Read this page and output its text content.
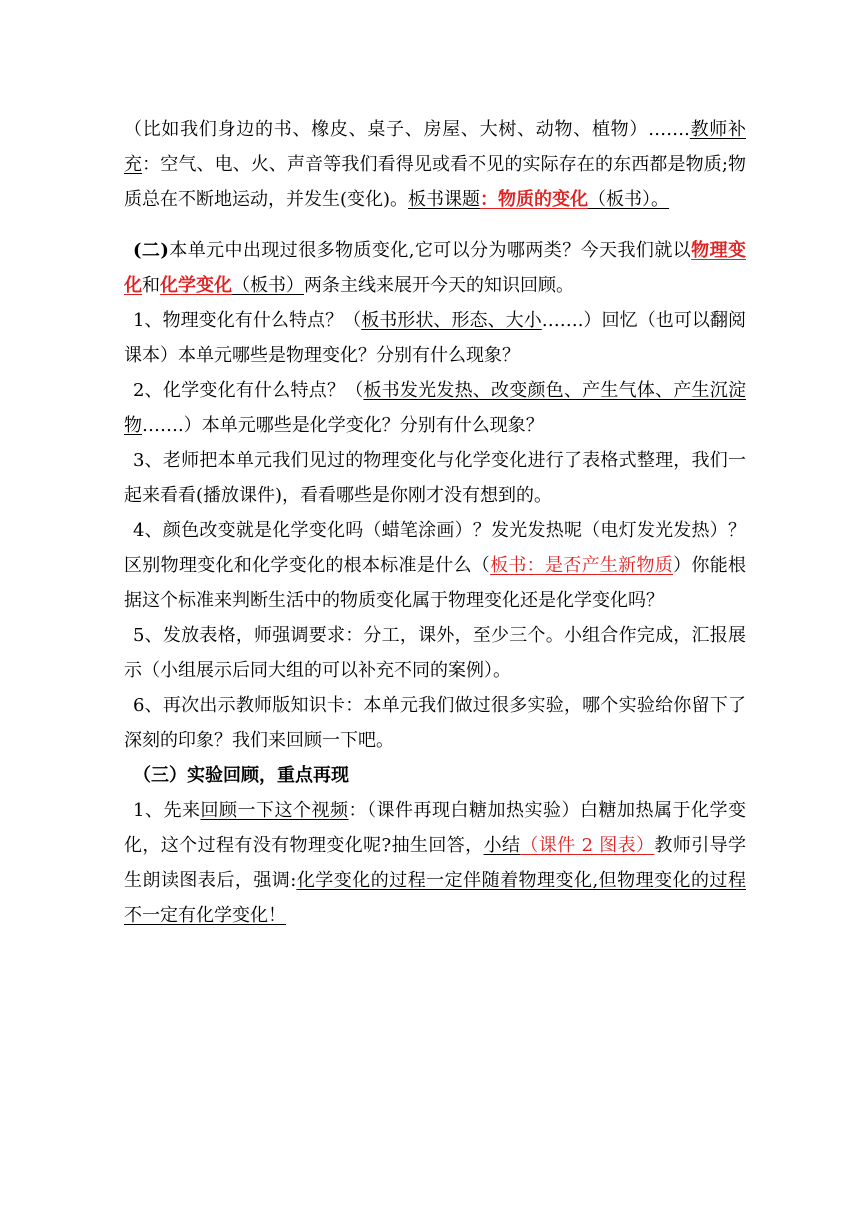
（比如我们身边的书、橡皮、桌子、房屋、大树、动物、植物）…….教师补充：空气、电、火、声音等我们看得见或看不见的实际存在的东西都是物质;物质总在不断地运动，并发生(变化)。板书课题：物质的变化（板书）。

(二)本单元中出现过很多物质变化,它可以分为哪两类？今天我们就以物理变化和化学变化（板书）两条主线来展开今天的知识回顾。

1、物理变化有什么特点？（板书形状、形态、大小…….）回忆（也可以翻阅课本）本单元哪些是物理变化？分别有什么现象？

2、化学变化有什么特点？（板书发光发热、改变颜色、产生气体、产生沉淀物…….）本单元哪些是化学变化？分别有什么现象？

3、老师把本单元我们见过的物理变化与化学变化进行了表格式整理，我们一起来看看(播放课件)，看看哪些是你刚才没有想到的。

4、颜色改变就是化学变化吗（蜡笔涂画）？发光发热呢（电灯发光发热）？区别物理变化和化学变化的根本标准是什么（板书：是否产生新物质）你能根据这个标准来判断生活中的物质变化属于物理变化还是化学变化吗？

5、发放表格，师强调要求：分工，课外，至少三个。小组合作完成，汇报展示（小组展示后同大组的可以补充不同的案例）。

6、再次出示教师版知识卡：本单元我们做过很多实验，哪个实验给你留下了深刻的印象？我们来回顾一下吧。

（三）实验回顾，重点再现

1、先来回顾一下这个视频：（课件再现白糖加热实验）白糖加热属于化学变化，这个过程有没有物理变化呢?抽生回答，小结（课件 2 图表）教师引导学生朗读图表后，强调:化学变化的过程一定伴随着物理变化,但物理变化的过程不一定有化学变化！
